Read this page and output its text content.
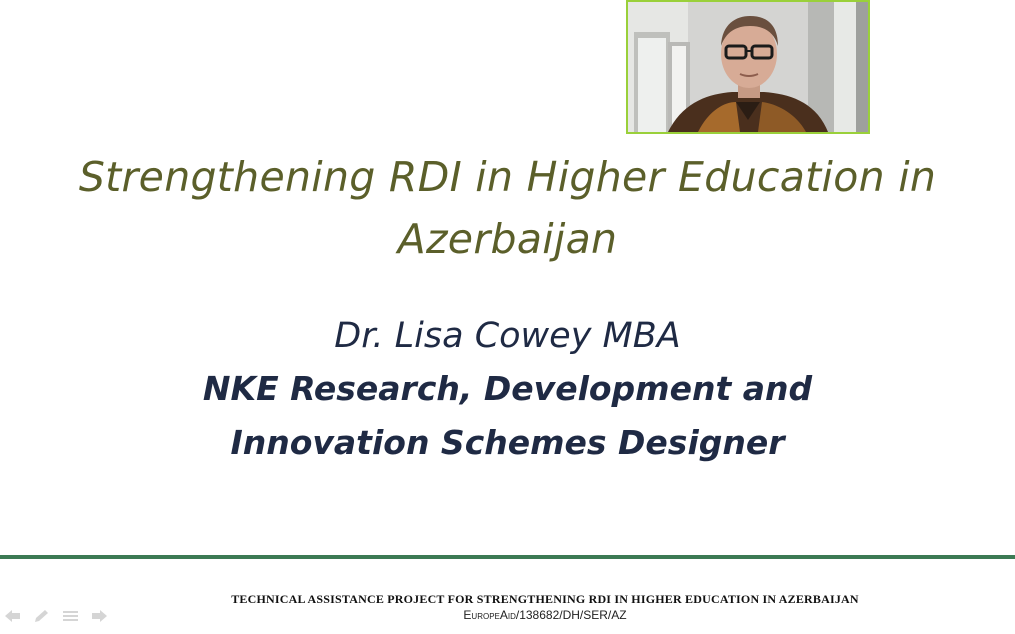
Strengthening RDI in Higher Education in
Azerbaijan
Dr. Lisa Cowey MBA
NKE Research, Development and
Innovation Schemes Designer
TECHNICAL ASSISTANCE PROJECT FOR STRENGTHENING RDI IN HIGHER EDUCATION IN AZERBAIJAN
EuropeAid/138682/DH/SER/AZ
